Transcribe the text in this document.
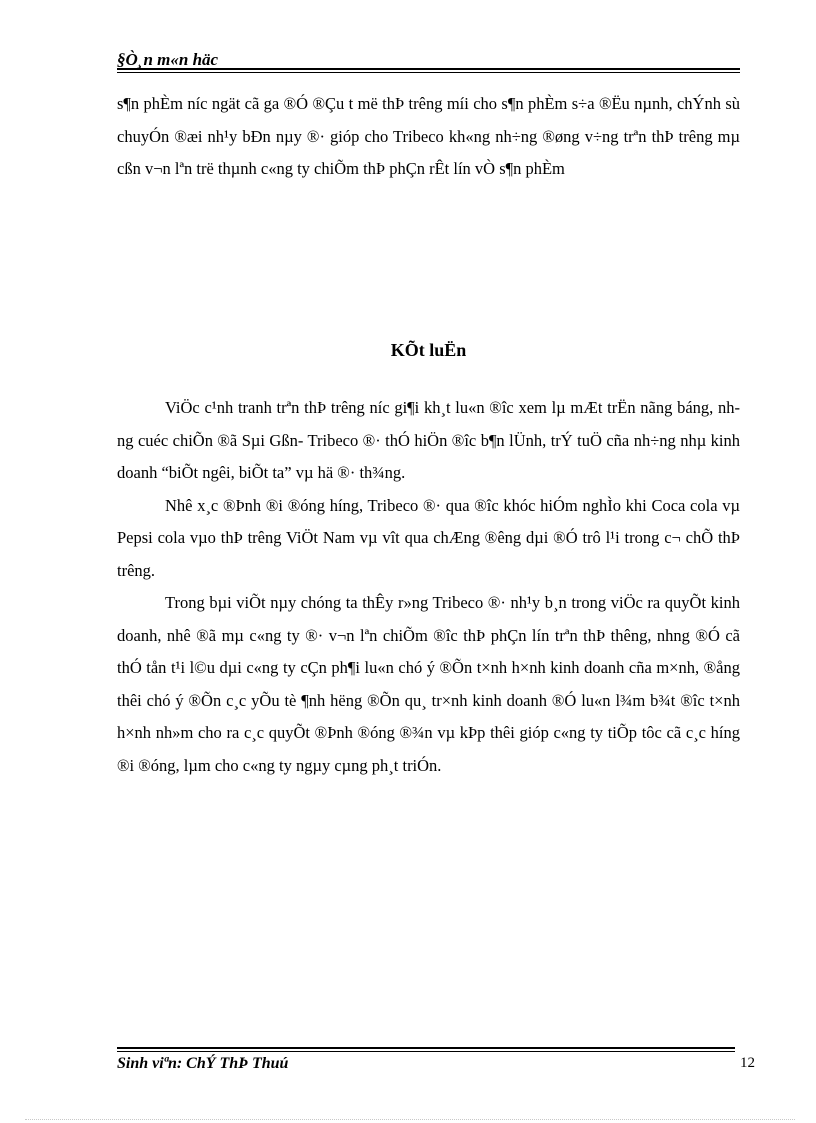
§Ò¸n m«n häc
s¶n phÈm níc ngät cã ga ®Ó ®Çu t më thÞ trêng míi cho s¶n phÈm s÷a ®Ëu nµnh, chÝnh sù chuyÓn ®æi nh¹y bÐn nµy ®· gióp cho Tribeco kh«ng nh÷ng ®øng v÷ng trªn thÞ trêng mµ cßn v¬n lªn trë thµnh c«ng ty chiÕm thÞ phÇn rÊt lín vÒ s¶n phÈm
KÕt luËn

ViÖc c¹nh tranh trªn thÞ trêng níc gi¶i kh¸t lu«n ®îc xem lµ mÆt trËn nãng báng, nhng cuéc chiÕn ®ã Sµi Gßn- Tribeco ®· thÓ hiÖn ®îc b¶n lÜnh, trÝ tuÖ cña nh÷ng nhµ kinh doanh “biÕt ngêi, biÕt ta” vµ hä ®· th¾ng.

Nhê x¸c ®Þnh ®i ®óng híng, Tribeco ®· qua ®îc khóc hiÓm nghÌo khi Coca cola vµ Pepsi cola vµo thÞ trêng ViÖt Nam vµ vît qua chÆng ®êng dµi ®Ó trô l¹i trong c¬ chÕ thÞ trêng.

Trong bµi viÕt nµy chóng ta thÊy r»ng Tribeco ®· nh¹y b¸n trong viÖc ra quyÕt kinh doanh, nhê ®ã mµ c«ng ty ®· v¬n lªn chiÕm ®îc thÞ phÇn lín trªn thÞ thêng, nhng ®Ó cã thÓ tån t¹i l©u dµi c«ng ty cÇn ph¶i lu«n chó ý ®Õn t×nh h×nh kinh doanh cña m×nh, ®ång thêi chó ý ®Õn c¸c yÕu tè ¶nh hëng ®Õn qu¸ tr×nh kinh doanh ®Ó lu«n l¾m b¾t ®îc t×nh h×nh nh»m cho ra c¸c quyÕt ®Þnh ®óng ®¾n vµ kÞp thêi gióp c«ng ty tiÕp tôc cã c¸c híng ®i ®óng, lµm cho c«ng ty ngµy cµng ph¸t triÓn.

Sinh viªn: ChÝ ThÞ Thuú	12
